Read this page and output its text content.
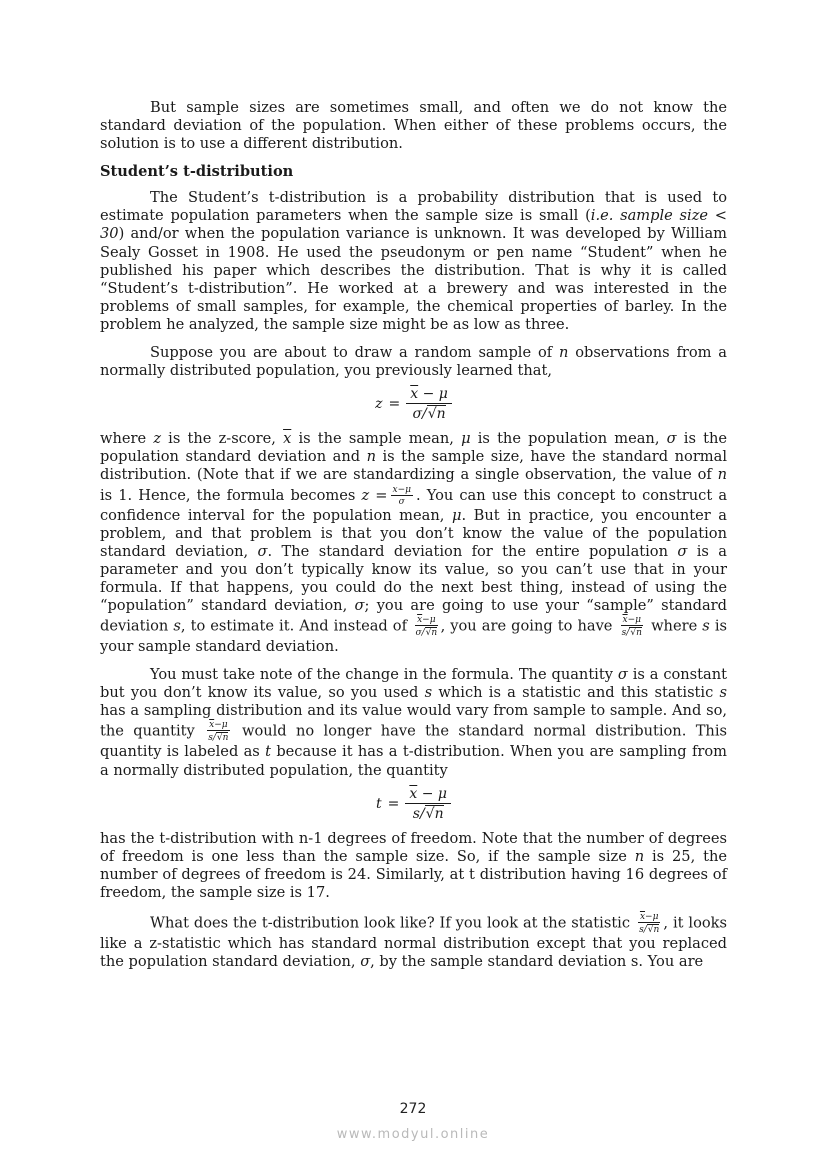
But sample sizes are sometimes small, and often we do not know the standard deviation of the population. When either of these problems occurs, the solution is to use a different distribution.

Student’s t-distribution

The Student’s t-distribution is a probability distribution that is used to estimate population parameters when the sample size is small (i.e. sample size < 30) and/or when the population variance is unknown. It was developed by William Sealy Gosset in 1908. He used the pseudonym or pen name “Student” when he published his paper which describes the distribution. That is why it is called “Student’s t-distribution”. He worked at a brewery and was interested in the problems of small samples, for example, the chemical properties of barley. In the problem he analyzed, the sample size might be as low as three.

Suppose you are about to draw a random sample of n observations from a normally distributed population, you previously learned that,

$z = \frac{\overline{x} - \mu}{\sigma/√n}$

where z is the z-score, $\overline{x}$ is the sample mean, μ is the population mean, σ is the population standard deviation and n is the sample size, have the standard normal distribution. (Note that if we are standardizing a single observation, the value of n is 1. Hence, the formula becomes $z = \frac{x-\mu}{\sigma}$ . You can use this concept to construct a confidence interval for the population mean, μ. But in practice, you encounter a problem, and that problem is that you don’t know the value of the population standard deviation, σ. The standard deviation for the entire population σ is a parameter and you don’t typically know its value, so you can’t use that in your formula. If that happens, you could do the next best thing, instead of using the “population” standard deviation, σ; you are going to use your “sample” standard deviation s, to estimate it. And instead of $\frac{\overline{x}-\mu}{\sigma/√n}$ , you are going to have $\frac{\overline{x}-\mu}{s/√n}$ where s is your sample standard deviation.

You must take note of the change in the formula. The quantity σ is a constant but you don’t know its value, so you used s which is a statistic and this statistic s has a sampling distribution and its value would vary from sample to sample. And so, the quantity $\frac{\overline{x}-\mu}{s/√n}$ would no longer have the standard normal distribution. This quantity is labeled as t because it has a t-distribution. When you are sampling from a normally distributed population, the quantity

$t = \frac{\overline{x} - \mu}{s/√n}$

has the t-distribution with n-1 degrees of freedom. Note that the number of degrees of freedom is one less than the sample size. So, if the sample size n is 25, the number of degrees of freedom is 24. Similarly, at t distribution having 16 degrees of freedom, the sample size is 17.

What does the t-distribution look like? If you look at the statistic $\frac{\overline{x}-\mu}{s/√n}$ , it looks like a z-statistic which has standard normal distribution except that you replaced the population standard deviation, σ, by the sample standard deviation s. You are

272
www.modyul.online
